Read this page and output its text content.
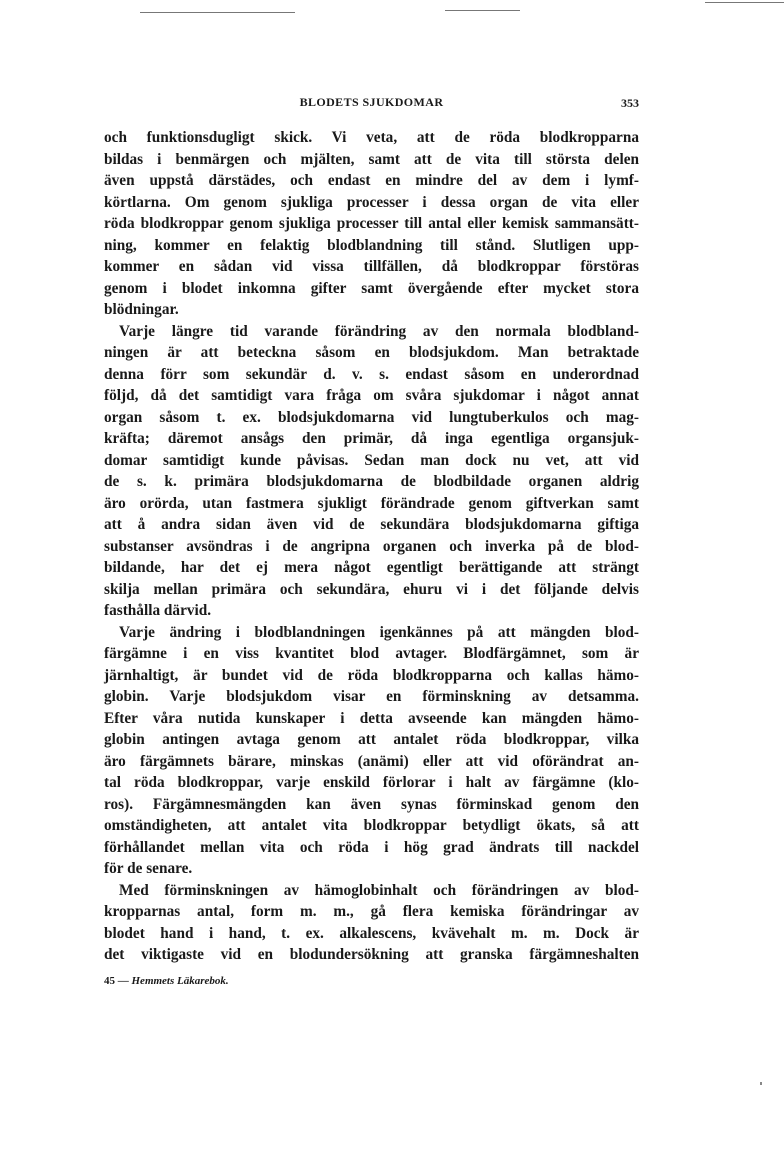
BLODETS SJUKDOMAR	353

och funktionsdugligt skick. Vi veta, att de röda blodkropparna
bildas i benmärgen och mjälten, samt att de vita till största delen
även uppstå därstädes, och endast en mindre del av dem i lymf-
körtlarna. Om genom sjukliga processer i dessa organ de vita eller
röda blodkroppar genom sjukliga processer till antal eller kemisk sammansätt-
ning, kommer en felaktig blodblandning till stånd. Slutligen upp-
kommer en sådan vid vissa tillfällen, då blodkroppar förstöras
genom i blodet inkomna gifter samt övergående efter mycket stora
blödningar.

Varje längre tid varande förändring av den normala blodbland-
ningen är att beteckna såsom en blodsjukdom. Man betraktade
denna förr som sekundär d. v. s. endast såsom en underordnad
följd, då det samtidigt vara fråga om svåra sjukdomar i något annat
organ såsom t. ex. blodsjukdomarna vid lungtuberkulos och mag-
kräfta; däremot ansågs den primär, då inga egentliga organsjuk-
domar samtidigt kunde påvisas. Sedan man dock nu vet, att vid
de s. k. primära blodsjukdomarna de blodbildade organen aldrig
äro orörda, utan fastmera sjukligt förändrade genom giftverkan samt
att å andra sidan även vid de sekundära blodsjukdomarna giftiga
substanser avsöndras i de angripna organen och inverka på de blod-
bildande, har det ej mera något egentligt berättigande att strängt
skilja mellan primära och sekundära, ehuru vi i det följande delvis
fasthålla därvid.

Varje ändring i blodblandningen igenkännes på att mängden blod-
färgämne i en viss kvantitet blod avtager. Blodfärgämnet, som är
järnhaltigt, är bundet vid de röda blodkropparna och kallas hämo-
globin. Varje blodsjukdom visar en förminskning av detsamma.
Efter våra nutida kunskaper i detta avseende kan mängden hämo-
globin antingen avtaga genom att antalet röda blodkroppar, vilka
äro färgämnets bärare, minskas (anämi) eller att vid oförändrat an-
tal röda blodkroppar, varje enskild förlorar i halt av färgämne (klo-
ros). Färgämnesmängden kan även synas förminskad genom den
omständigheten, att antalet vita blodkroppar betydligt ökats, så att
förhållandet mellan vita och röda i hög grad ändrats till nackdel
för de senare.

Med förminskningen av hämoglobinhalt och förändringen av blod-
kropparnas antal, form m. m., gå flera kemiska förändringar av
blodet hand i hand, t. ex. alkalescens, kvävehalt m. m. Dock är
det viktigaste vid en blodundersökning att granska färgämneshalten

45 — Hemmets Läkarebok.
